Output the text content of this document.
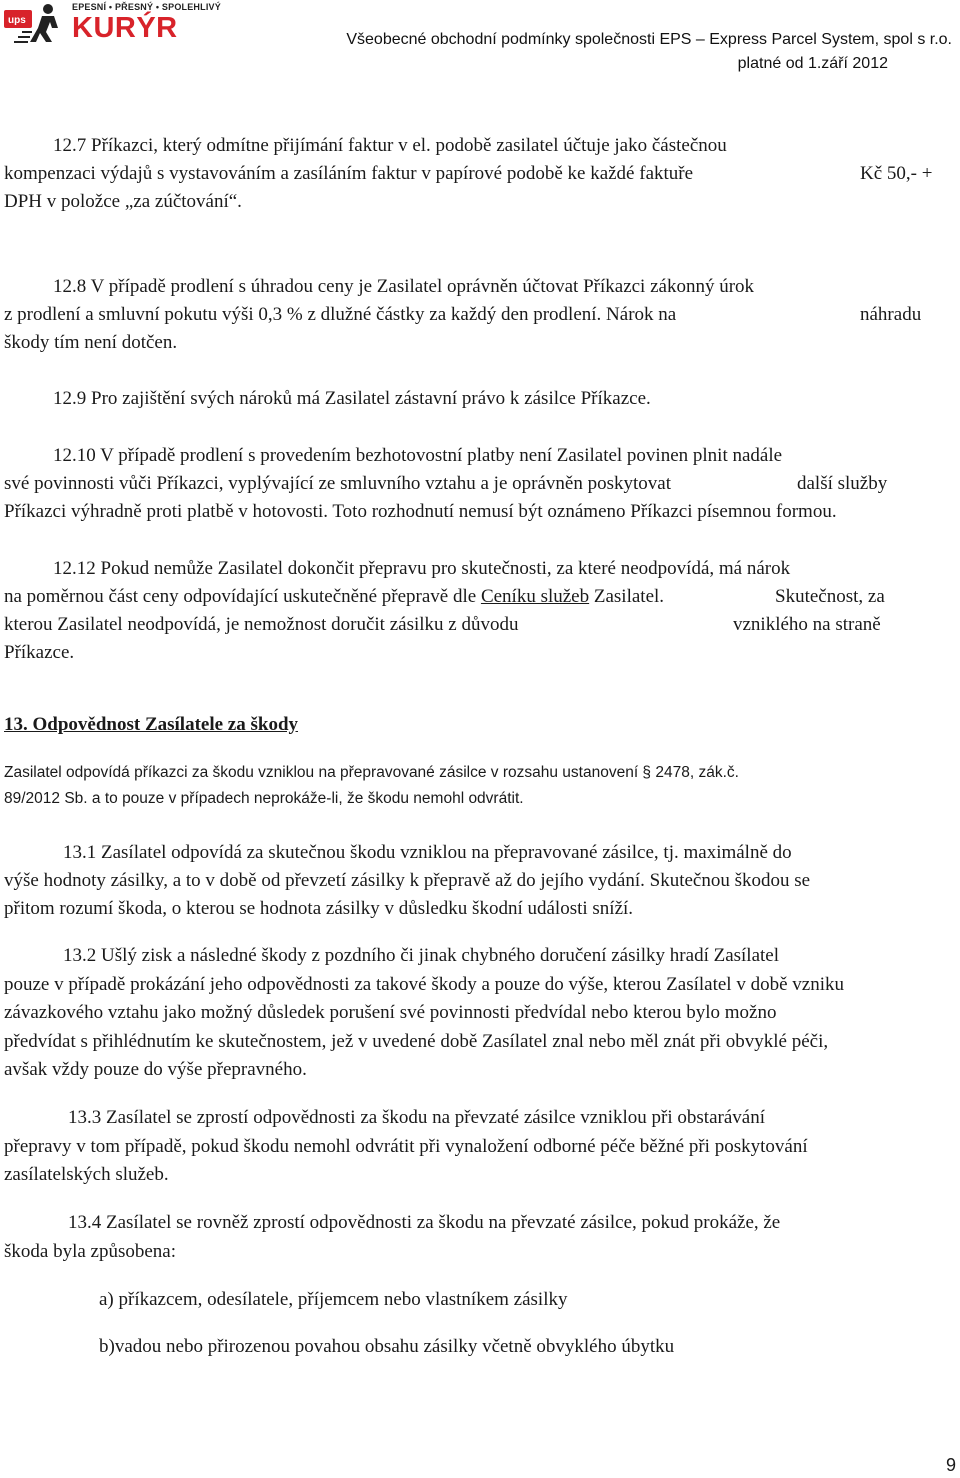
ups
EPESNÍ • PŘESNÝ • SPOLEHLIVÝ
KURÝR	Všeobecné obchodní podmínky společnosti EPS – Express Parcel System, spol s r.o.
platné od 1.září 2012
12.7 Příkazci, který odmítne přijímání faktur v el. podobě zasilatel účtuje jako částečnou
kompenzaci výdajů s vystavováním a zasíláním faktur v papírové podobě ke každé faktuře	Kč 50,- +
DPH v položce „za zúčtování“.
12.8 V případě prodlení s úhradou ceny je Zasilatel oprávněn účtovat Příkazci zákonný úrok
z prodlení a smluvní pokutu výši 0,3 % z dlužné částky za každý den prodlení. Nárok na	náhradu
škody tím není dotčen.
12.9 Pro zajištění svých nároků má Zasilatel zástavní právo k zásilce Příkazce.
12.10 V případě prodlení s provedením bezhotovostní platby není Zasilatel povinen plnit nadále
své povinnosti vůči Příkazci, vyplývající ze smluvního vztahu a je oprávněn poskytovat	další služby
Příkazci výhradně proti platbě v hotovosti. Toto rozhodnutí nemusí být oznámeno Příkazci písemnou formou.
12.12 Pokud nemůže Zasilatel dokončit přepravu pro skutečnosti, za které neodpovídá, má nárok
na poměrnou část ceny odpovídající uskutečněné přepravě dle Ceníku služeb Zasilatel.	Skutečnost, za
kterou Zasilatel neodpovídá, je nemožnost doručit zásilku z důvodu	vzniklého na straně
Příkazce.
13. Odpovědnost Zasílatele za škody
Zasilatel odpovídá příkazci za škodu vzniklou na přepravované zásilce v rozsahu ustanovení § 2478, zák.č.
89/2012 Sb. a to pouze v případech neprokáže-li, že škodu nemohl odvrátit.
13.1 Zasílatel odpovídá za skutečnou škodu vzniklou na přepravované zásilce, tj. maximálně do
výše hodnoty zásilky, a to v době od převzetí zásilky k přepravě až do jejího vydání. Skutečnou škodou se
přitom rozumí škoda, o kterou se hodnota zásilky v důsledku škodní události sníží.
13.2 Ušlý zisk a následné škody z pozdního či jinak chybného doručení zásilky hradí Zasílatel
pouze v případě prokázání jeho odpovědnosti za takové škody a pouze do výše, kterou Zasílatel v době vzniku
závazkového vztahu jako možný důsledek porušení své povinnosti předvídal nebo kterou bylo možno
předvídat s přihlédnutím ke skutečnostem, jež v uvedené době Zasílatel znal nebo měl znát při obvyklé péči,
avšak vždy pouze do výše přepravného.
13.3 Zasílatel se zprostí odpovědnosti za škodu na převzaté zásilce vzniklou při obstarávání
přepravy v tom případě, pokud škodu nemohl odvrátit při vynaložení odborné péče běžné při poskytování
zasílatelských služeb.
13.4 Zasílatel se rovněž zprostí odpovědnosti za škodu na převzaté zásilce, pokud prokáže, že
škoda byla způsobena:
a) příkazcem, odesílatele, příjemcem nebo vlastníkem zásilky
b)vadou nebo přirozenou povahou obsahu zásilky včetně obvyklého úbytku
9
